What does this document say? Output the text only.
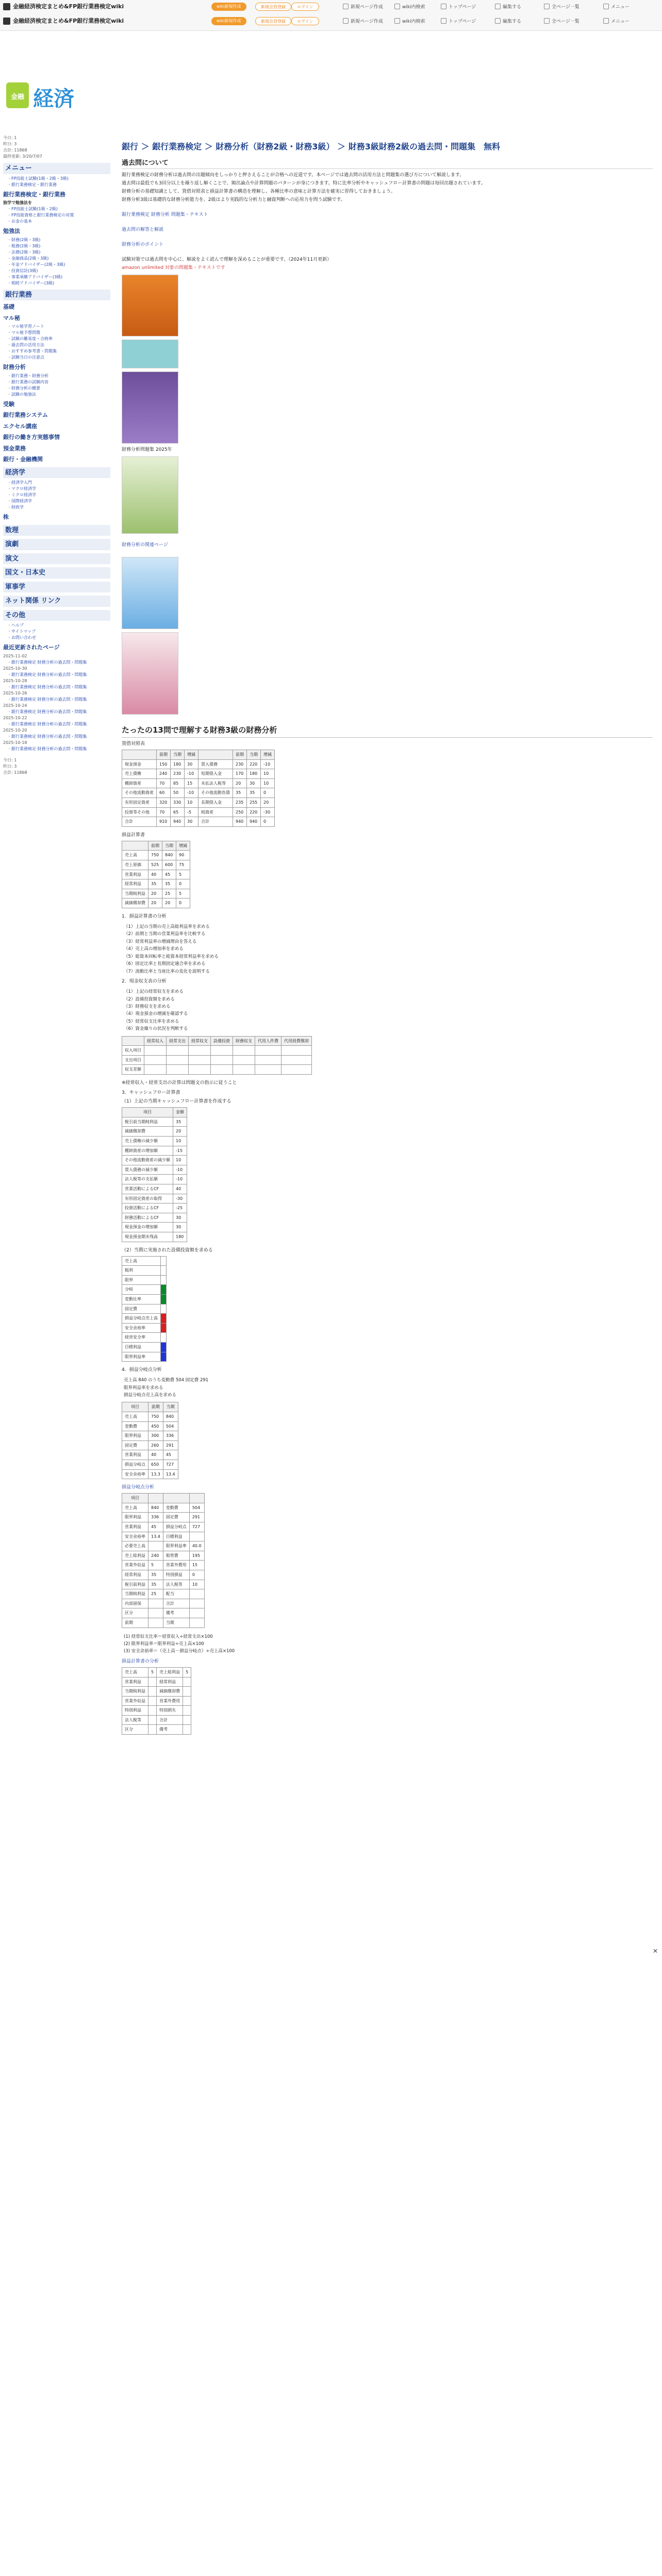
金融経済検定まとめ&FP銀行業務検定wiki
金融経済検定まとめ&FP銀行業務検定wiki
wiki新規作成	新規会員登録	ログイン
wiki新規作成	新規会員登録	ログイン
新規ページ作成	wiki内検索	トップページ	編集する	全ページ一覧	メニュー
新規ページ作成	wiki内検索	トップページ	編集する	全ページ一覧	メニュー
金融 経済
今日: 1
昨日: 3
合計: 11868
最終更新: 3/20/7/07
メニュー
・ FP技能士試験(1級・2級・3級)
・ 銀行業務検定・銀行業務
銀行業務検定・銀行業務
独学で勉強法を
・ FP技能士試験(1級・2級)
・ FP技能資格と銀行業務検定の対策
・ お金の基本
勉強法
・ 財務(2級・3級)
・ 税務(2級・3級)
・ 法務(2級・3級)
・ 金融商品(2級・3級)
・ 年金アドバイザー(2級・3級)
・ 投資信託(3級)
・ 事業承継アドバイザー(3級)
・ 相続アドバイザー(3級)
銀行業務
基礎
マル秘
・ マル秘学習ノート
・ マル秘予想問題
・ 試験の難易度・合格率
・ 過去問の活用方法
・ おすすめ参考書・問題集
・ 試験当日の注意点
財務分析
・ 銀行業務・財務分析
・ 銀行業務の試験内容
・ 財務分析の概要
・ 試験の勉強法
受験
銀行業務システム
エクセル講座
銀行の働き方実態事情
預金業務
銀行・金融機関
経済学
・ 経済学入門
・ マクロ経済学
・ ミクロ経済学
・ 国際経済学
・ 財政学
株
数理
演劇
演文
国文・日本史
軍事学
ネット関係 リンク
その他
・ ヘルプ
・ サイトマップ
・ お問い合わせ
最近更新されたページ
2025-11-02
・ 銀行業務検定 財務分析の過去問・問題集
2025-10-30
・ 銀行業務検定 財務分析の過去問・問題集
2025-10-28
・ 銀行業務検定 財務分析の過去問・問題集
2025-10-26
・ 銀行業務検定 財務分析の過去問・問題集
2025-10-24
・ 銀行業務検定 財務分析の過去問・問題集
2025-10-22
・ 銀行業務検定 財務分析の過去問・問題集
2025-10-20
・ 銀行業務検定 財務分析の過去問・問題集
2025-10-18
・ 銀行業務検定 財務分析の過去問・問題集
今日: 1
昨日: 3
合計: 11868
銀行 ＞ 銀行業務検定 ＞ 財務分析（財務2級・財務3級） ＞ 財務3級財務2級の過去問・問題集　無料
過去問について

銀行業務検定の財務分析は過去問の出題傾向をしっかりと押さえることが合格への近道です。本ページでは過去問の活用方法と問題集の選び方について解説します。

過去問は最低でも3回分以上を繰り返し解くことで、頻出論点や計算問題のパターンが身につきます。特に比率分析やキャッシュフロー計算書の問題は毎回出題されています。

財務分析の基礎知識として、貸借対照表と損益計算書の構造を理解し、各種比率の意味と計算方法を確実に習得しておきましょう。

財務分析3級は基礎的な財務分析能力を、2級はより実践的な分析力と融資判断への応用力を問う試験です。

銀行業務検定 財務分析 問題集・テキスト
過去問の解答と解説
財務分析のポイント

試験対策では過去問を中心に、解説をよく読んで理解を深めることが重要です。（2024年11月更新）

amazon unlimited 対象の問題集・テキストです

財務分析問題集 2025年
財務分析の関連ページ
たったの13問で理解する財務3級の財務分析
貸借対照表
	前期	当期	増減		前期	当期	増減
現金預金	150	180	30	買入債務	230	220	-10
売上債権	240	230	-10	短期借入金	170	180	10
棚卸資産	70	85	15	未払法人税等	20	30	10
その他流動資産	60	50	-10	その他流動負債	35	35	0
有形固定資産	320	330	10	長期借入金	235	255	20
投資等その他	70	65	-5	純資産	250	220	-30
合計	910	940	30	合計	940	940	0
損益計算書
	前期	当期	増減
売上高	750	840	90
売上原価	525	600	75
営業利益	40	45	5
経常利益	35	35	0
当期純利益	20	25	5
減価償却費	20	20	0
1．損益計算書の分析
（1）上記の当期の売上高総利益率を求める
（2）前期と当期の営業利益率を比較する
（3）経常利益率の増減理由を答える
（4）売上高の増加率を求める
（5）総資本回転率と総資本経常利益率を求める
（6）固定比率と長期固定適合率を求める
（7）流動比率と当座比率の変化を説明する
2．現金収支表の分析
（1）上記の経常収支を求める
（2）設備投資額を求める
（3）財務収支を求める
（4）現金預金の増減を確認する
（5）経常収支比率を求める
（6）資金繰りの状況を判断する
	経常収入	経常支出	経常収支	設備投資	財務収支	代用人件費	代用経費償却
収入項目							
支出項目							
収支差額							
※経常収入・経常支出の計算は問題文の指示に従うこと
3．キャッシュフロー計算書
（1）上記の当期キャッシュフロー計算書を作成する
項目	金額
税引前当期純利益	35
減価償却費	20
売上債権の減少額	10
棚卸資産の増加額	-15
その他流動資産の減少額	10
買入債務の減少額	-10
法人税等の支払額	-10
営業活動によるCF	40
有形固定資産の取得	-30
投資活動によるCF	-25
財務活動によるCF	30
現金預金の増加額	30
現金預金期末残高	180
（2）当期に実施された設備投資額を求める
売上高	
粗利	
限界	
分岐	
変動比率	
固定費	
損益分岐点売上高	
安全余裕率	
経営安全率	
目標利益	
限界利益率	
4．損益分岐点分析
売上高 840 のうち変動費 504 固定費 291
限界利益率を求める
損益分岐点売上高を求める
項目	前期	当期
売上高	750	840
変動費	450	504
限界利益	300	336
固定費	260	291
営業利益	40	45
損益分岐点	650	727
安全余裕率	13.3	13.4
損益分岐点分析
項目			
売上高	840	変動費	504
限界利益	336	固定費	291
営業利益	45	損益分岐点	727
安全余裕率	13.4	目標利益	
必要売上高		限界利益率	40.0
売上総利益	240	販管費	195
営業外収益	5	営業外費用	15
経常利益	35	特別損益	0
税引前利益	35	法人税等	10
当期純利益	25	配当	
内部留保		合計	
区分		備考	
前期		当期	
(1) 経常収支比率＝経常収入÷経常支出×100
(2) 限界利益率＝限界利益÷売上高×100
(3) 安全余裕率＝（売上高－損益分岐点）÷売上高×100
損益計算書の分析
売上高	5	売上総利益	5
営業利益		経常利益	
当期純利益		減価償却費	
営業外収益		営業外費用	
特別利益		特別損失	
法人税等		合計	
区分		備考	
✕
